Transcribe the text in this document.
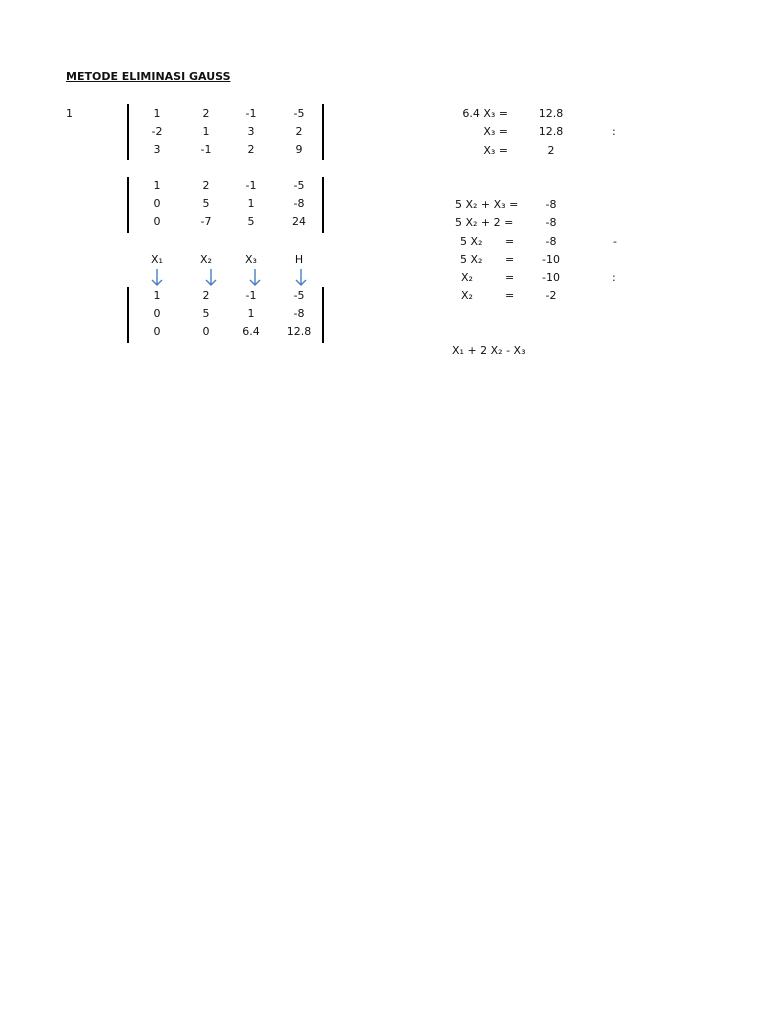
METODE ELIMINASI GAUSS
1	1	2	-1	-5
-2	1	3	2
3	-1	2	9
1	2	-1	-5
0	5	1	-8
0	-7	5	24
X₁	X₂	X₃	H
1	2	-1	-5
0	5	1	-8
0	0	6.4	12.8
6.4 X₃ =	12.8
X₃ =	12.8	:
X₃ =	2
5 X₂ + X₃ =	-8
5 X₂ + 2 =	-8
5 X₂ =	-8	-
5 X₂ =	-10
X₂	=	-10	:
X₂	=	-2
X₁ + 2 X₂ - X₃
